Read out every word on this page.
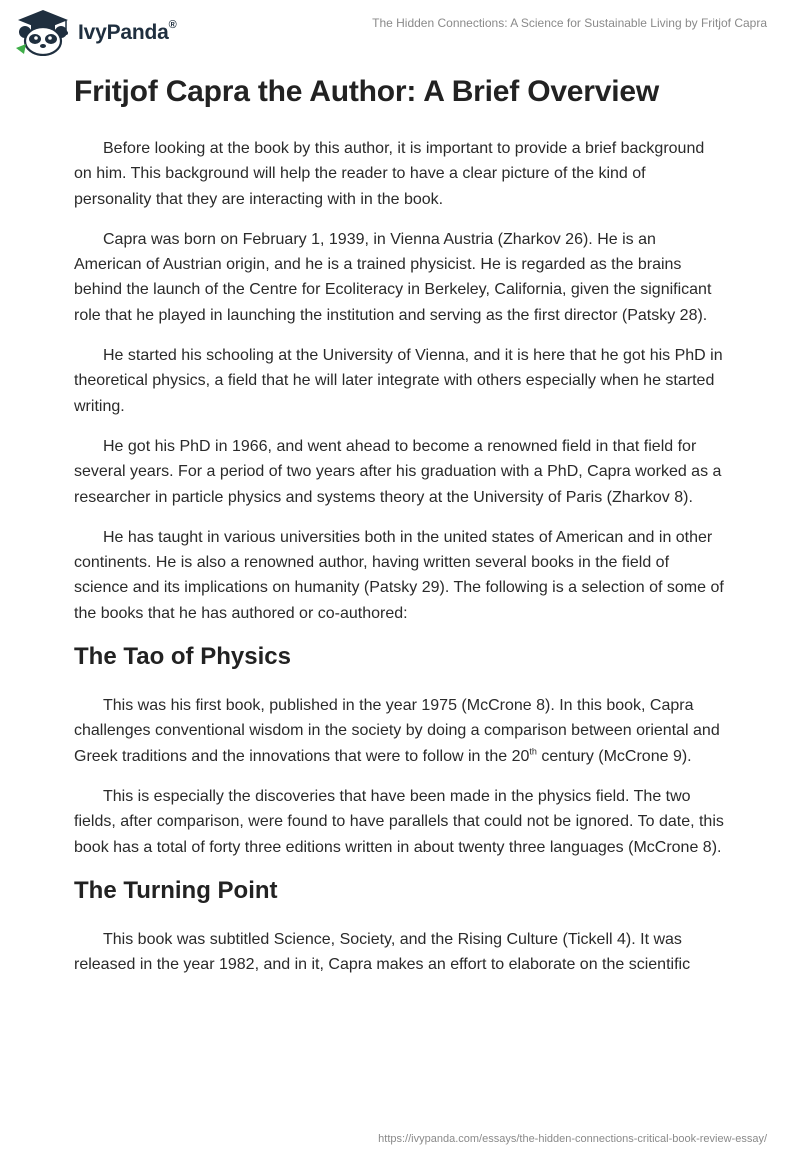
IvyPanda®	The Hidden Connections: A Science for Sustainable Living by Fritjof Capra
Fritjof Capra the Author: A Brief Overview

Before looking at the book by this author, it is important to provide a brief background on him. This background will help the reader to have a clear picture of the kind of personality that they are interacting with in the book.

Capra was born on February 1, 1939, in Vienna Austria (Zharkov 26). He is an American of Austrian origin, and he is a trained physicist. He is regarded as the brains behind the launch of the Centre for Ecoliteracy in Berkeley, California, given the significant role that he played in launching the institution and serving as the first director (Patsky 28).

He started his schooling at the University of Vienna, and it is here that he got his PhD in theoretical physics, a field that he will later integrate with others especially when he started writing.

He got his PhD in 1966, and went ahead to become a renowned field in that field for several years. For a period of two years after his graduation with a PhD, Capra worked as a researcher in particle physics and systems theory at the University of Paris (Zharkov 8).

He has taught in various universities both in the united states of American and in other continents. He is also a renowned author, having written several books in the field of science and its implications on humanity (Patsky 29). The following is a selection of some of the books that he has authored or co-authored:

The Tao of Physics

This was his first book, published in the year 1975 (McCrone 8). In this book, Capra challenges conventional wisdom in the society by doing a comparison between oriental and Greek traditions and the innovations that were to follow in the 20th century (McCrone 9).

This is especially the discoveries that have been made in the physics field. The two fields, after comparison, were found to have parallels that could not be ignored. To date, this book has a total of forty three editions written in about twenty three languages (McCrone 8).

The Turning Point

This book was subtitled Science, Society, and the Rising Culture (Tickell 4). It was released in the year 1982, and in it, Capra makes an effort to elaborate on the scientific

https://ivypanda.com/essays/the-hidden-connections-critical-book-review-essay/
